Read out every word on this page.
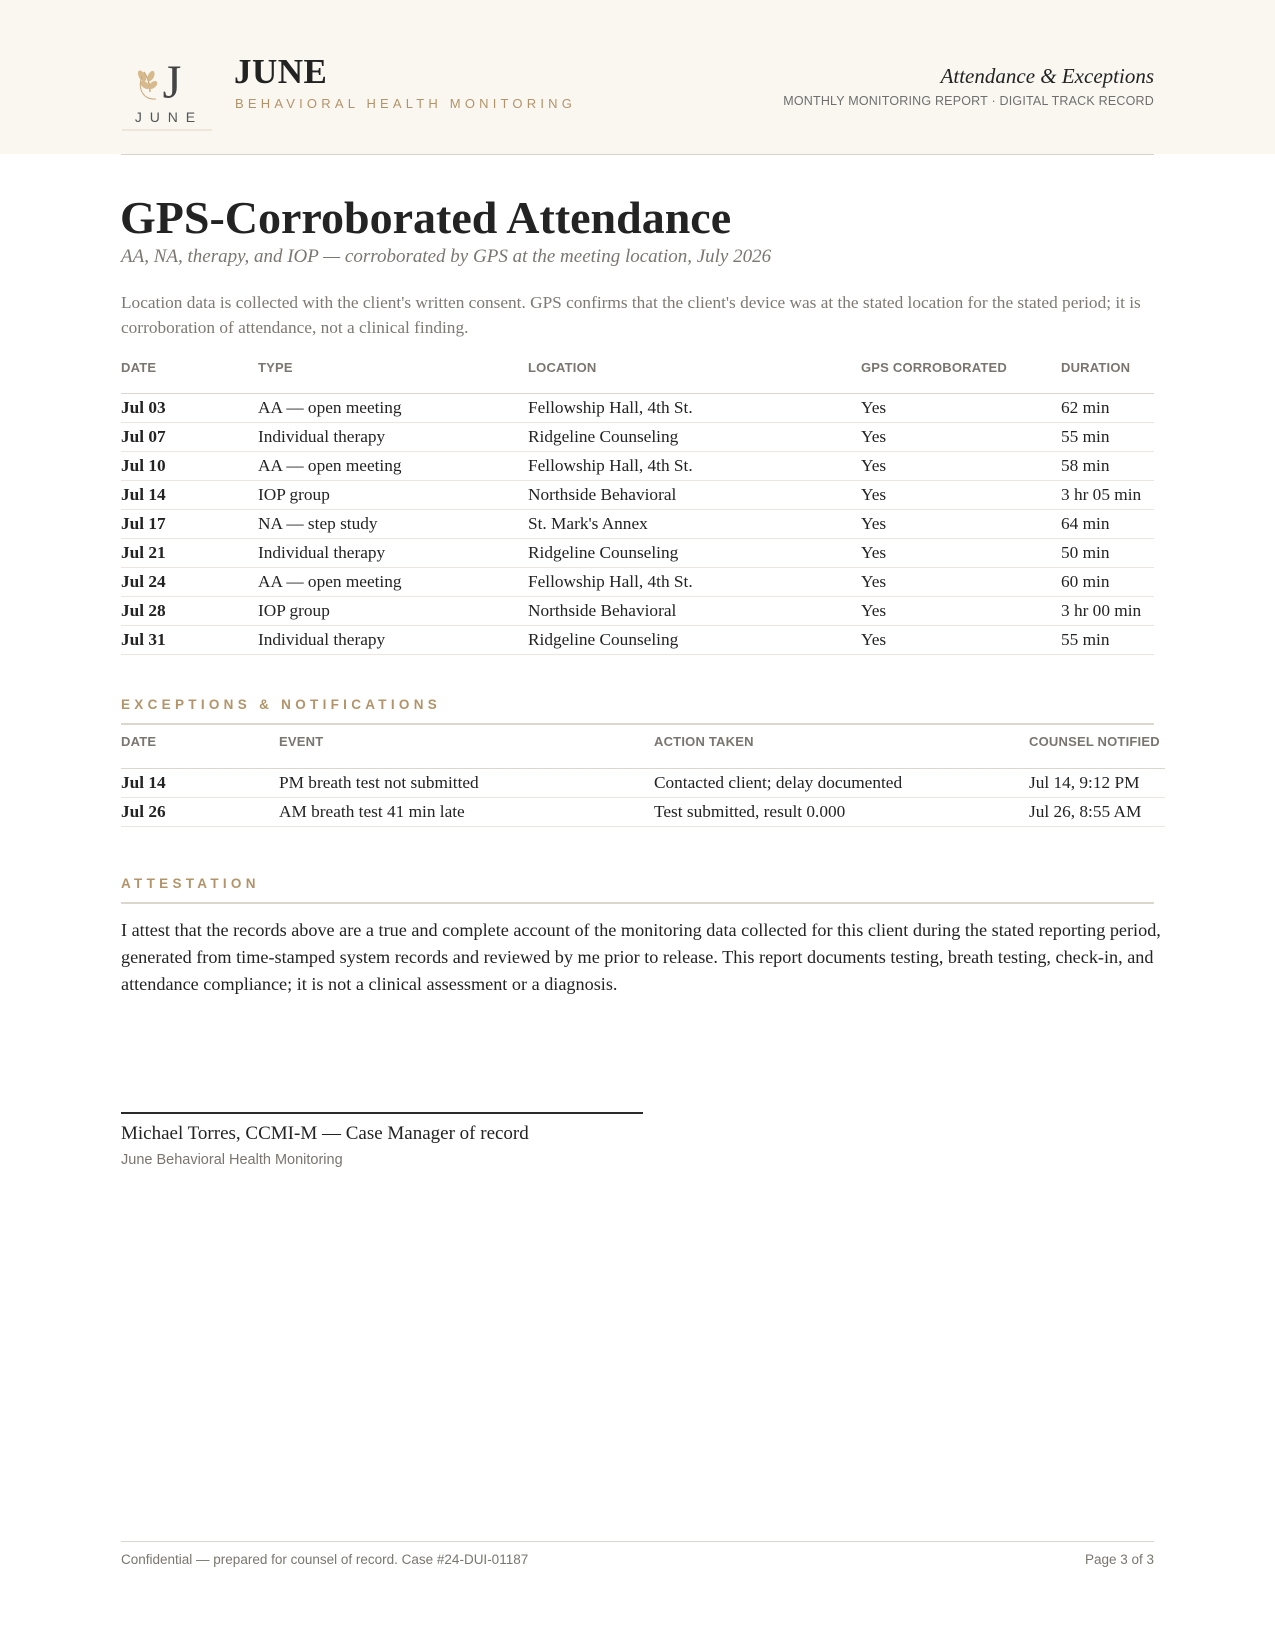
J
J U N E
JUNE
BEHAVIORAL HEALTH MONITORING
Attendance & Exceptions
MONTHLY MONITORING REPORT · DIGITAL TRACK RECORD
GPS-Corroborated Attendance
AA, NA, therapy, and IOP — corroborated by GPS at the meeting location, July 2026
Location data is collected with the client's written consent. GPS confirms that the client's device was at the stated location for the stated period; it is corroboration of attendance, not a clinical finding.
DATE	TYPE	LOCATION	GPS CORROBORATED	DURATION
Jul 03	AA — open meeting	Fellowship Hall, 4th St.	Yes	62 min
Jul 07	Individual therapy	Ridgeline Counseling	Yes	55 min
Jul 10	AA — open meeting	Fellowship Hall, 4th St.	Yes	58 min
Jul 14	IOP group	Northside Behavioral	Yes	3 hr 05 min
Jul 17	NA — step study	St. Mark's Annex	Yes	64 min
Jul 21	Individual therapy	Ridgeline Counseling	Yes	50 min
Jul 24	AA — open meeting	Fellowship Hall, 4th St.	Yes	60 min
Jul 28	IOP group	Northside Behavioral	Yes	3 hr 00 min
Jul 31	Individual therapy	Ridgeline Counseling	Yes	55 min
EXCEPTIONS & NOTIFICATIONS
DATE	EVENT	ACTION TAKEN	COUNSEL NOTIFIED
Jul 14	PM breath test not submitted	Contacted client; delay documented	Jul 14, 9:12 PM
Jul 26	AM breath test 41 min late	Test submitted, result 0.000	Jul 26, 8:55 AM
ATTESTATION
I attest that the records above are a true and complete account of the monitoring data collected for this client during the stated reporting period, generated from time-stamped system records and reviewed by me prior to release. This report documents testing, breath testing, check-in, and attendance compliance; it is not a clinical assessment or a diagnosis.
Michael Torres, CCMI-M — Case Manager of record
June Behavioral Health Monitoring
Confidential — prepared for counsel of record. Case #24-DUI-01187	Page 3 of 3
